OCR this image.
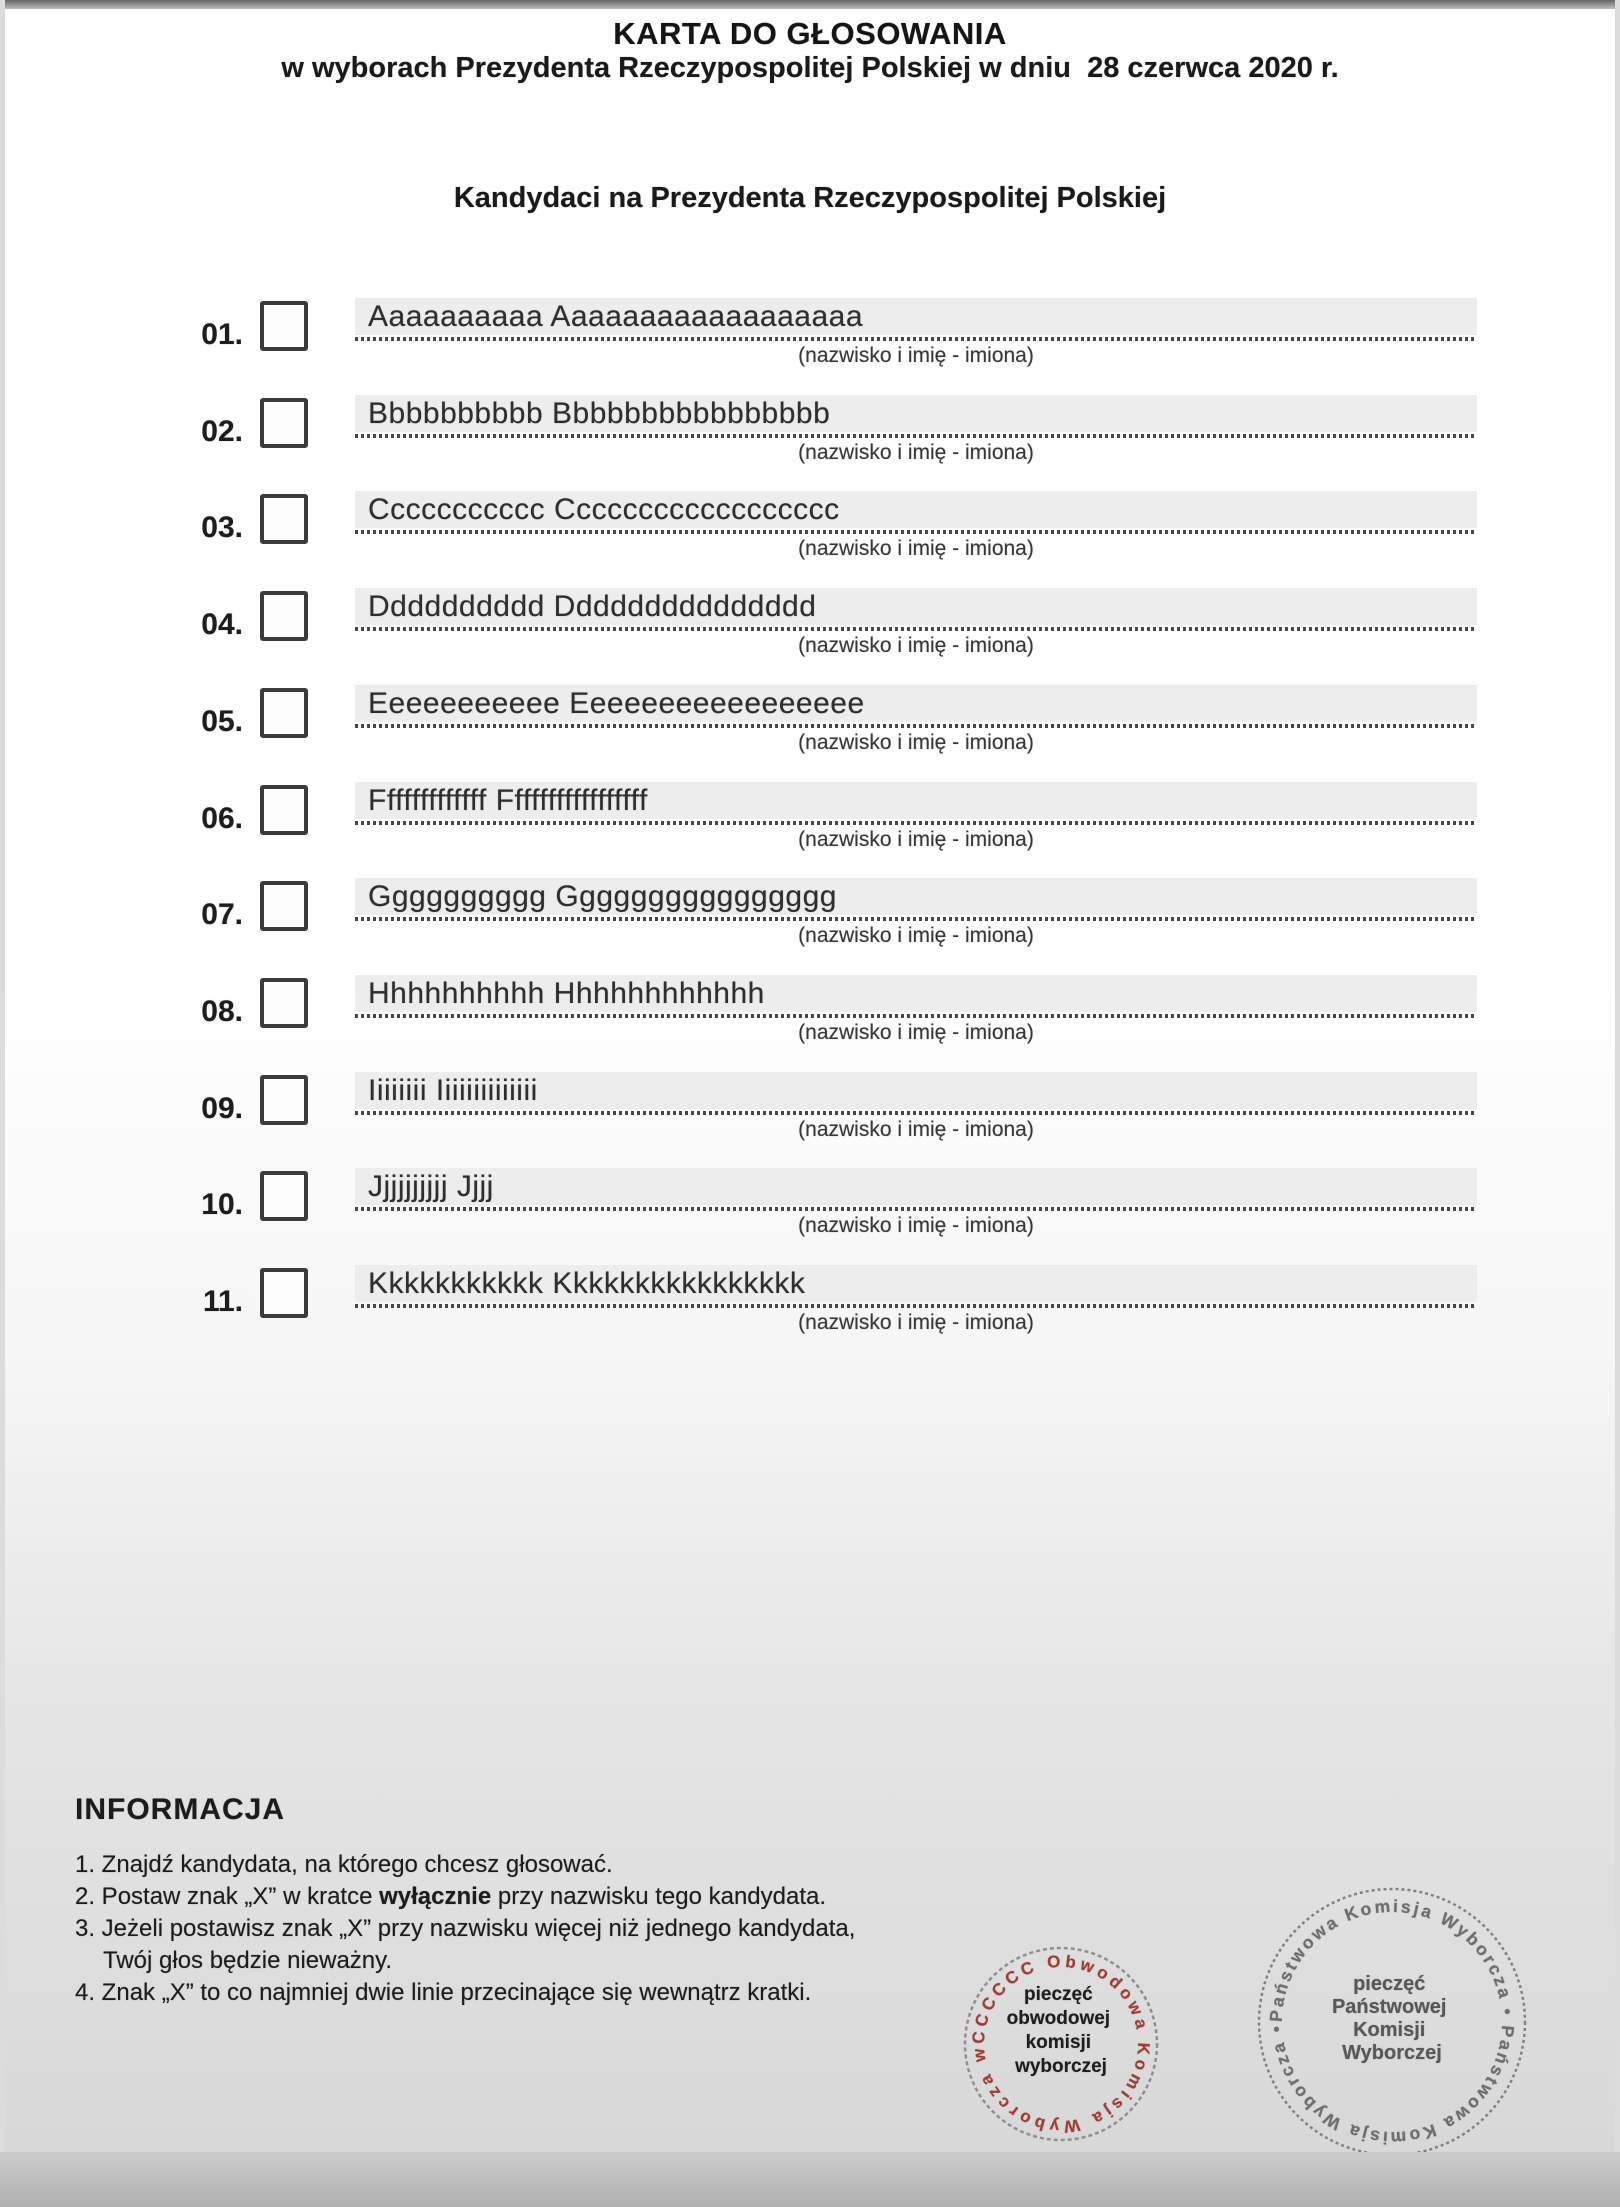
KARTA DO GŁOSOWANIA
w wyborach Prezydenta Rzeczypospolitej Polskiej w dniu  28 czerwca 2020 r.
Kandydaci na Prezydenta Rzeczypospolitej Polskiej
01.
Aaaaaaaaaa Aaaaaaaaaaaaaaaaaa
(nazwisko i imię - imiona)
02.
Bbbbbbbbbb Bbbbbbbbbbbbbbbb
(nazwisko i imię - imiona)
03.
Ccccccccccc Cccccccccccccccccc
(nazwisko i imię - imiona)
04.
Dddddddddd Ddddddddddddddd
(nazwisko i imię - imiona)
05.
Eeeeeeeeeee Eeeeeeeeeeeeeeeee
(nazwisko i imię - imiona)
06.
Fffffffffffff Fffffffffffffffff
(nazwisko i imię - imiona)
07.
Gggggggggg Gggggggggggggggg
(nazwisko i imię - imiona)
08.
Hhhhhhhhhh Hhhhhhhhhhhh
(nazwisko i imię - imiona)
09.
Iiiiiiii Iiiiiiiiiiiiii
(nazwisko i imię - imiona)
10.
Jjjjjjjjjj Jjjj
(nazwisko i imię - imiona)
11.
Kkkkkkkkkkk Kkkkkkkkkkkkkkkk
(nazwisko i imię - imiona)
INFORMACJA
1. Znajdź kandydata, na którego chcesz głosować.
2. Postaw znak „X” w kratce wyłącznie przy nazwisku tego kandydata.
3. Jeżeli postawisz znak „X” przy nazwisku więcej niż jednego kandydata,
Twój głos będzie nieważny.
4. Znak „X” to co najmniej dwie linie przecinające się wewnątrz kratki.
CCCCCC Obwodowa Komisja Wyborcza w
pieczęć obwodowej komisji wyborczej
Państwowa Komisja Wyborcza • Państwowa Komisja Wyborcza •
pieczęć Państwowej Komisji Wyborczej
